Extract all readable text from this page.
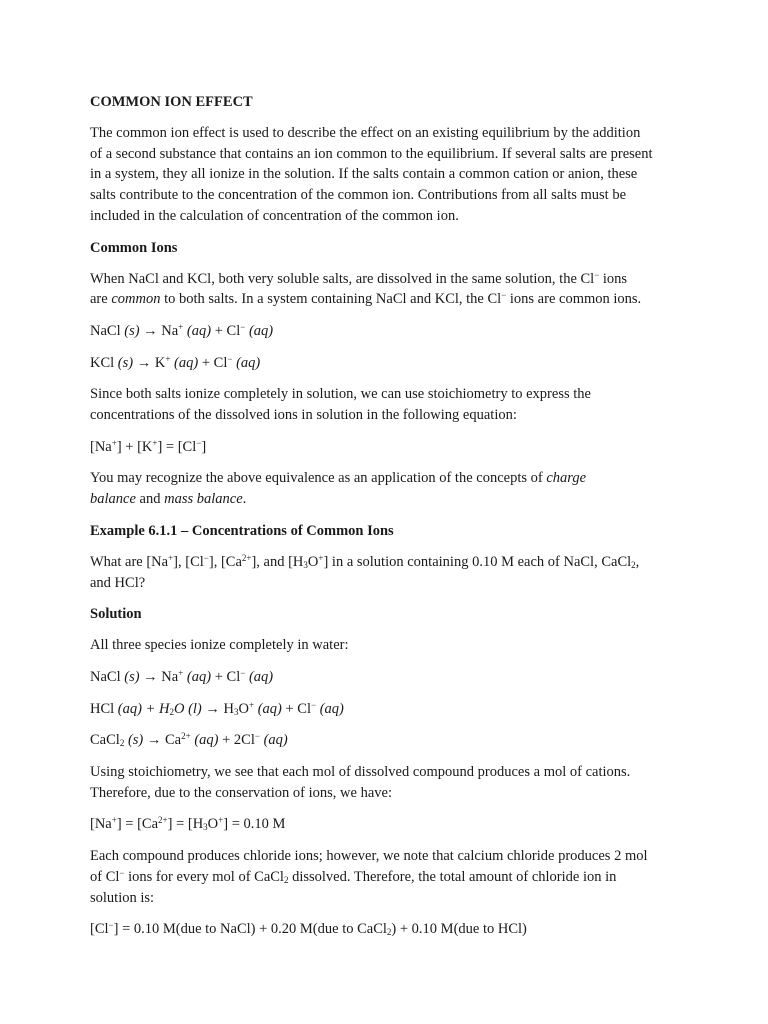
COMMON ION EFFECT
The common ion effect is used to describe the effect on an existing equilibrium by the addition
of a second substance that contains an ion common to the equilibrium. If several salts are present
in a system, they all ionize in the solution. If the salts contain a common cation or anion, these
salts contribute to the concentration of the common ion. Contributions from all salts must be
included in the calculation of concentration of the common ion.
Common Ions
When NaCl and KCl, both very soluble salts, are dissolved in the same solution, the Cl− ions
are common to both salts. In a system containing NaCl and KCl, the Cl− ions are common ions.
NaCl (s) → Na+ (aq) + Cl− (aq)
KCl (s) → K+ (aq) + Cl− (aq)
Since both salts ionize completely in solution, we can use stoichiometry to express the
concentrations of the dissolved ions in solution in the following equation:
[Na+] + [K+] = [Cl−]
You may recognize the above equivalence as an application of the concepts of charge
balance and mass balance.
Example 6.1.1 – Concentrations of Common Ions
What are [Na+], [Cl−], $[Ca^{2+}]$, and $[H_3O^+]$ in a solution containing 0.10 M each of NaCl, CaCl$_2$,
and HCl?
Solution
All three species ionize completely in water:
NaCl (s) → Na+ (aq) + Cl− (aq)
HCl $(aq) + H_2O$ $(l) \to H_3O^+$ (aq) + Cl− (aq)
CaCl$_2$ $(s) \to Ca^{2+}$ (aq) + 2Cl− (aq)
Using stoichiometry, we see that each mol of dissolved compound produces a mol of cations.
Therefore, due to the conservation of ions, we have:
$[Na^+] = [Ca^{2+}] = [H_3O^+] = 0.10$ M
Each compound produces chloride ions; however, we note that calcium chloride produces 2 mol
of Cl− ions for every mol of CaCl$_2$ dissolved. Therefore, the total amount of chloride ion in
solution is:
[Cl−] = 0.10 M(due to NaCl) + 0.20 M(due to CaCl$_2$) + 0.10 M(due to HCl)
